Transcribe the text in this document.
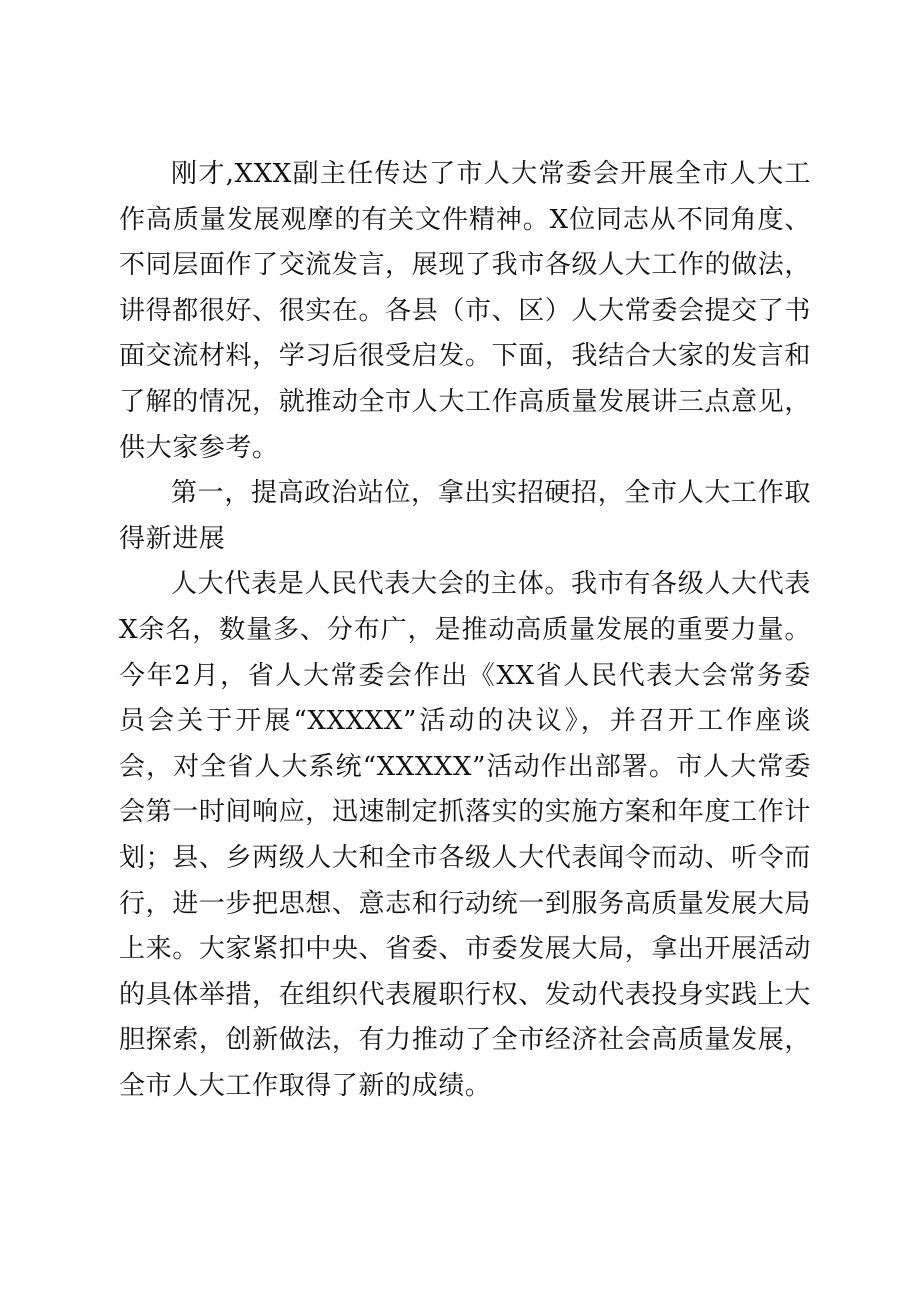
刚才,XXX副主任传达了市人大常委会开展全市人大工作高质量发展观摩的有关文件精神。X位同志从不同角度、不同层面作了交流发言，展现了我市各级人大工作的做法，讲得都很好、很实在。各县（市、区）人大常委会提交了书面交流材料，学习后很受启发。下面，我结合大家的发言和了解的情况，就推动全市人大工作高质量发展讲三点意见，供大家参考。

第一，提高政治站位，拿出实招硬招，全市人大工作取得新进展

人大代表是人民代表大会的主体。我市有各级人大代表X余名，数量多、分布广，是推动高质量发展的重要力量。今年2月，省人大常委会作出《XX省人民代表大会常务委员会关于开展“XXXXX”活动的决议》，并召开工作座谈会，对全省人大系统“XXXXX”活动作出部署。市人大常委会第一时间响应，迅速制定抓落实的实施方案和年度工作计划；县、乡两级人大和全市各级人大代表闻令而动、听令而行，进一步把思想、意志和行动统一到服务高质量发展大局上来。大家紧扣中央、省委、市委发展大局，拿出开展活动的具体举措，在组织代表履职行权、发动代表投身实践上大胆探索，创新做法，有力推动了全市经济社会高质量发展，全市人大工作取得了新的成绩。
